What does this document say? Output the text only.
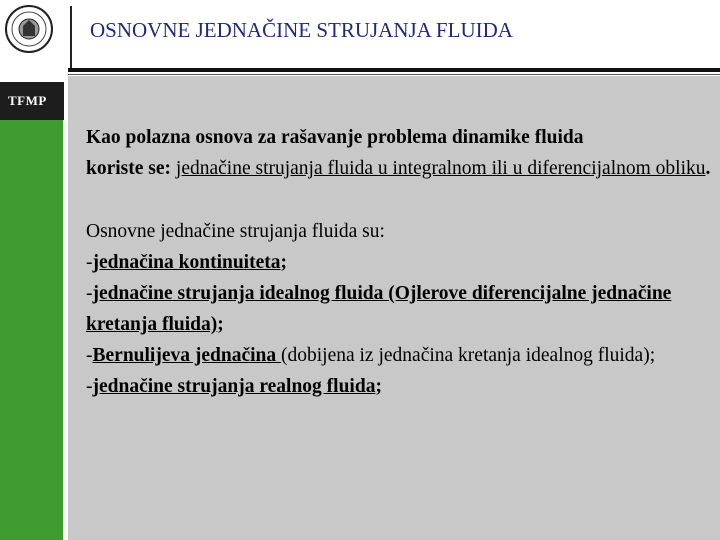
TFMP
OSNOVNE JEDNAČINE STRUJANJA FLUIDA

Kao polazna osnova za rašavanje problema dinamike fluida
koriste se: jednačine strujanja fluida u integralnom ili u diferencijalnom obliku.

Osnovne jednačine strujanja fluida su:
-jednačina kontinuiteta;
-jednačine strujanja idealnog fluida (Ojlerove diferencijalne jednačine kretanja fluida);
-Bernulijeva jednačina (dobijena iz jednačina kretanja idealnog fluida);
-jednačine strujanja realnog fluida;
